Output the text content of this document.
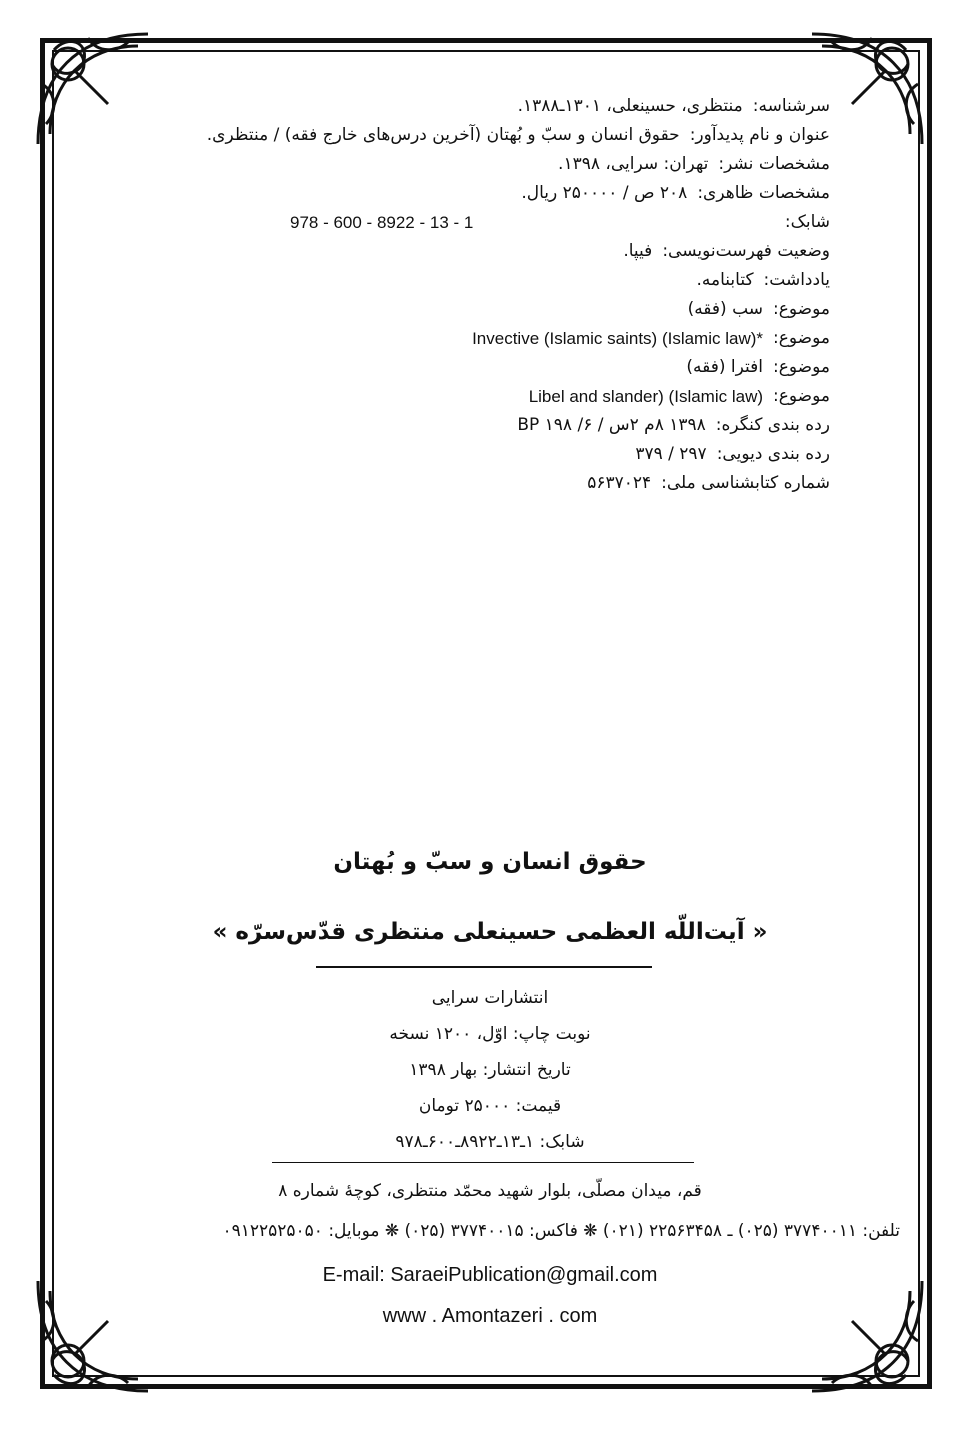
سرشناسه:
منتظری، حسینعلی، ۱۳۰۱ـ۱۳۸۸.
عنوان و نام پدیدآور:
حقوق انسان و سبّ و بُهتان (آخرین درس‌های خارج فقه) / منتظری.
مشخصات نشر:
تهران: سرایی، ۱۳۹۸.
مشخصات ظاهری:
۲۰۸ ص / ۲۵۰۰۰۰ ریال.
شابک:
978 - 600 - 8922 - 13 - 1
وضعیت فهرست‌نویسی:
فیپا.
یادداشت:
کتابنامه.
موضوع:
سب (فقه)
موضوع:
Invective (Islamic saints) (Islamic law)*
موضوع:
افترا (فقه)
موضوع:
Libel and slander) (Islamic law)
رده بندی کنگره:
۱۳۹۸ ۸م ۲س / ۶/ ۱۹۸ BP
رده بندی دیویی:
۲۹۷ / ۳۷۹
شماره کتابشناسی ملی:
۵۶۳۷۰۲۴
حقوق انسان و سبّ و بُهتان
« آیت‌اللّه العظمی حسینعلی منتظری قدّس‌سرّه »
انتشارات سرایی
نوبت چاپ: اوّل، ۱۲۰۰ نسخه
تاریخ انتشار: بهار ۱۳۹۸
قیمت: ۲۵۰۰۰ تومان
شابک: ۱ـ۱۳ـ۸۹۲۲ـ۶۰۰ـ۹۷۸
قم، میدان مصلّی، بلوار شهید محمّد منتظری، کوچهٔ شماره ۸
تلفن: ۳۷۷۴۰۰۱۱ (۰۲۵) ـ ۲۲۵۶۳۴۵۸ (۰۲۱) ❋ فاکس: ۳۷۷۴۰۰۱۵ (۰۲۵) ❋ موبایل: ۰۹۱۲۲۵۲۵۰۵۰
E-mail: SaraeiPublication@gmail.com
www . Amontazeri . com
